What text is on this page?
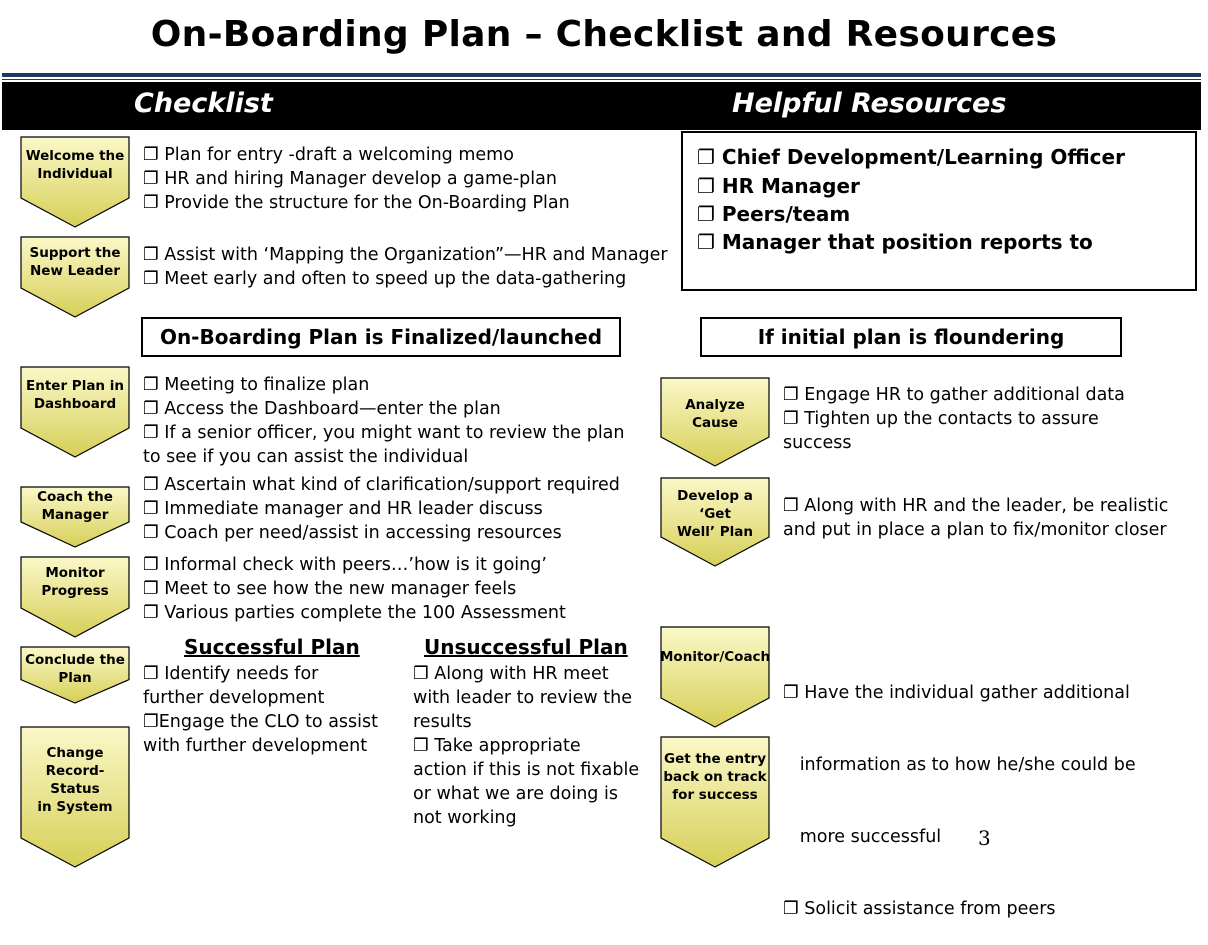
On-Boarding Plan – Checklist and Resources
Checklist	Helpful Resources
❐ Chief Development/Learning Officer
❐ HR Manager
❐ Peers/team
❐ Manager that position reports to
On-Boarding Plan is Finalized/launched	If initial plan is floundering
Welcome the
Individual
Support the
New Leader
Enter Plan in
Dashboard
Coach the
Manager
Monitor
Progress
Conclude the
Plan
Change
Record- Status
in System
Analyze Cause
Develop a ‘Get
Well’ Plan
Monitor/Coach
Get the entry
back on track
for success
❐ Plan for entry -draft a welcoming memo
❐ HR and hiring Manager develop a game-plan
❐ Provide the structure for the On-Boarding Plan
❐ Assist with ‘Mapping the Organization”—HR and Manager
❐ Meet early and often to speed up the data-gathering
❐ Meeting to finalize plan
❐ Access the Dashboard—enter the plan
❐ If a senior officer, you might want to review the plan
to see if you can assist the individual
❐ Ascertain what kind of clarification/support required
❐ Immediate manager and HR leader discuss
❐ Coach per need/assist in accessing resources
❐ Informal check with peers…’how is it going’
❐ Meet to see how the new manager feels
❐ Various parties complete the 100 Assessment
Successful Plan
❐ Identify needs for
further development
❐Engage the CLO to assist
with further development
Unsuccessful Plan
❐ Along with HR meet
with leader to review the
results
❐ Take appropriate
action if this is not fixable
or what we are doing is
not working
❐ Engage HR to gather additional data
❐ Tighten up the contacts to assure
success
❐ Along with HR and the leader, be realistic
and put in place a plan to fix/monitor closer

❐ Have the individual gather additional

information as to how he/she could be

more successful

❐ Solicit assistance from peers

3
